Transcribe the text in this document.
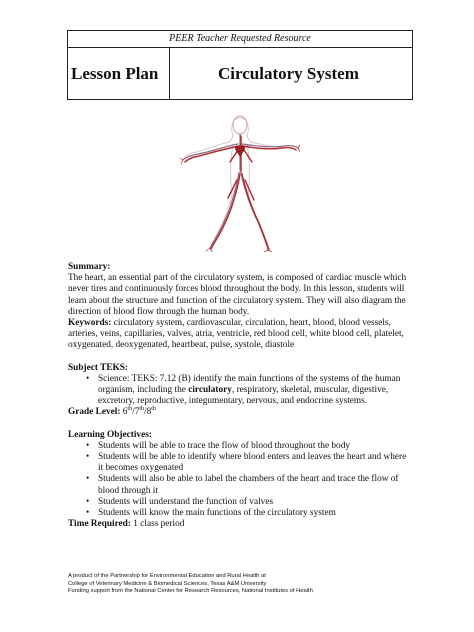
PEER Teacher Requested Resource
Lesson Plan	Circulatory System

Summary:
The heart, an essential part of the circulatory system, is composed of cardiac muscle which never tires and continuously forces blood throughout the body. In this lesson, students will learn about the structure and function of the circulatory system. They will also diagram the direction of blood flow through the human body.

Keywords: circulatory system, cardiovascular, circulation, heart, blood, blood vessels, arteries, veins, capillaries, valves, atria, ventricle, red blood cell, white blood cell, platelet, oxygenated, deoxygenated, heartbeat, pulse, systole, diastole

Subject TEKS:

• Science: TEKS: 7.12 (B) identify the main functions of the systems of the human organism, including the circulatory, respiratory, skeletal, muscular, digestive, excretory, reproductive, integumentary, nervous, and endocrine systems.

Grade Level: 6th/7th/8th

Learning Objectives:

• Students will be able to trace the flow of blood throughout the body
• Students will be able to identify where blood enters and leaves the heart and where it becomes oxygenated
• Students will also be able to label the chambers of the heart and trace the flow of blood through it
• Students will understand the function of valves
• Students will know the main functions of the circulatory system

Time Required: 1 class period

A product of the Partnership for Environmental Education and Rural Health at
College of Veterinary Medicine & Biomedical Sciences, Texas A&M University
Funding support from the National Center for Research Resources, National Institutes of Health
